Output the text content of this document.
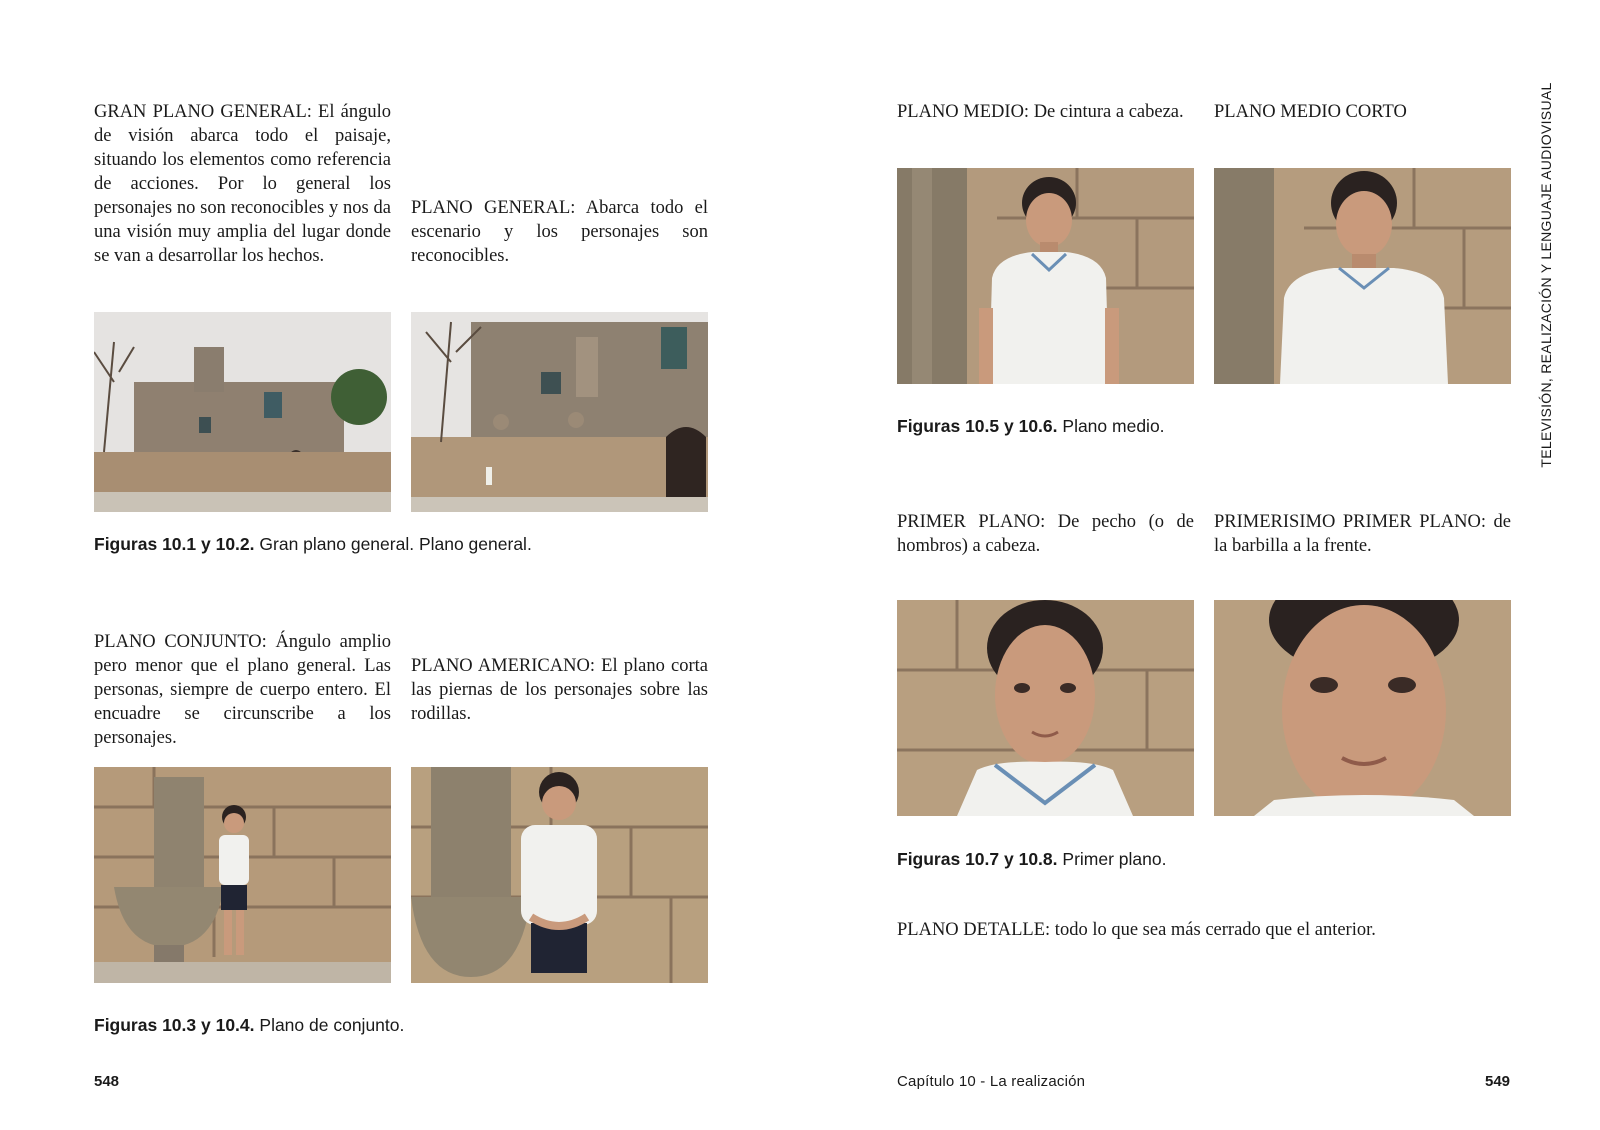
GRAN PLANO GENERAL: El ángulo de visión abarca todo el paisaje, situando los elementos como referencia de acciones. Por lo general los personajes no son reconocibles y nos da una visión muy amplia del lugar donde se van a desarrollar los hechos.

PLANO GENERAL: Abarca todo el escenario y los personajes son reconocibles.

Figuras 10.1 y 10.2. Gran plano general. Plano general.

PLANO CONJUNTO: Ángulo amplio pero menor que el plano general. Las personas, siempre de cuerpo entero. El encuadre se circunscribe a los personajes.

PLANO AMERICANO: El plano corta las piernas de los personajes sobre las rodillas.

Figuras 10.3 y 10.4. Plano de conjunto.

548

PLANO MEDIO: De cintura a cabeza.	PLANO MEDIO CORTO

Figuras 10.5 y 10.6. Plano medio.

PRIMER PLANO: De pecho (o de hombros) a cabeza.

PRIMERISIMO PRIMER PLANO: de la barbilla a la frente.

Figuras 10.7 y 10.8. Primer plano.

PLANO DETALLE: todo lo que sea más cerrado que el anterior.

Capítulo 10 - La realización	549
TELEVISIÓN, REALIZACIÓN Y LENGUAJE AUDIOVISUAL
